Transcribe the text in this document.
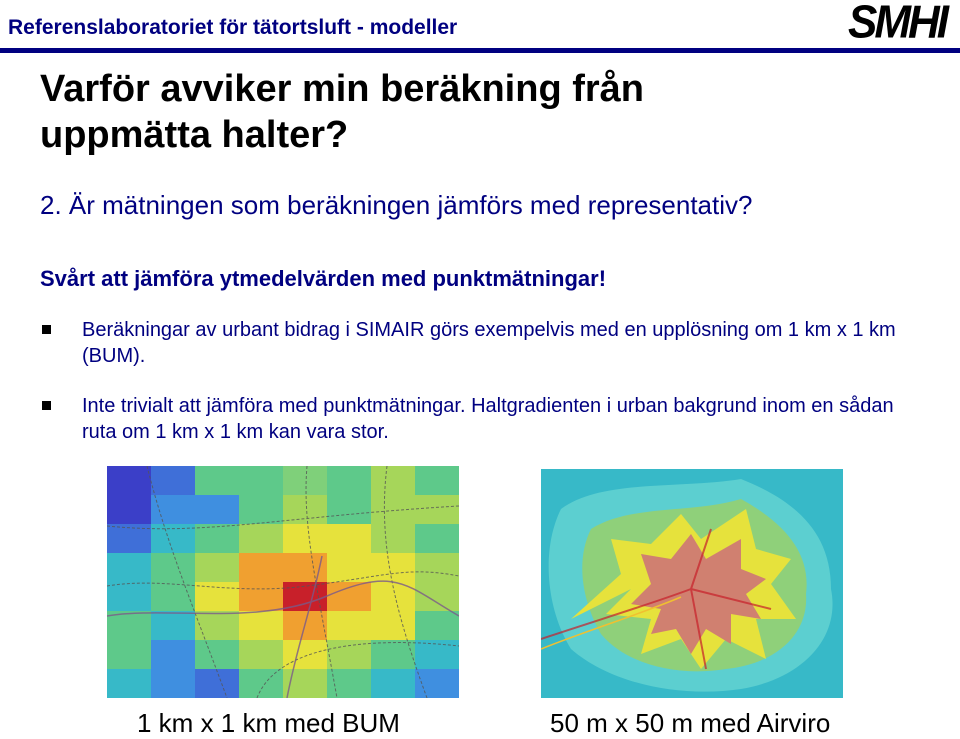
Referenslaboratoriet för tätortsluft - modeller	SMHI
Varför avviker min beräkning från uppmätta halter?
2. Är mätningen som beräkningen jämförs med representativ?
Svårt att jämföra ytmedelvärden med punktmätningar!
Beräkningar av urbant bidrag i SIMAIR görs exempelvis med en upplösning om 1 km x 1 km (BUM).
Inte trivialt att jämföra med punktmätningar. Haltgradienten i urban bakgrund inom en sådan ruta om 1 km x 1 km kan vara stor.
1 km x 1 km med BUM	50 m x 50 m med Airviro
